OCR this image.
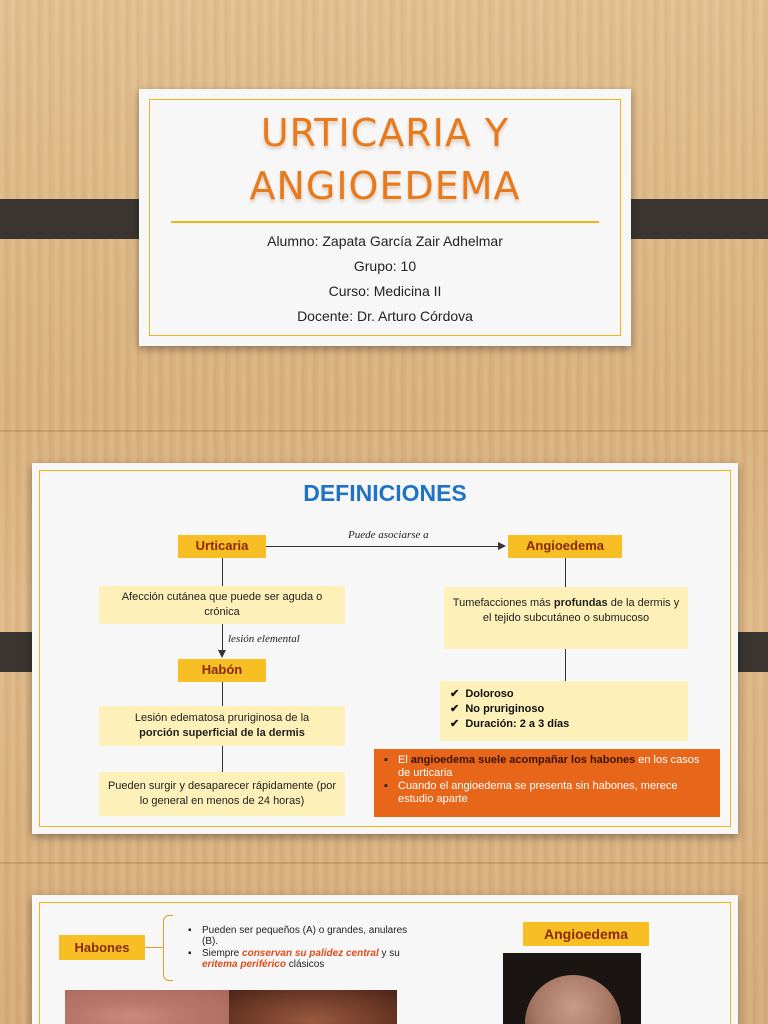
URTICARIA Y
ANGIOEDEMA
Alumno: Zapata García Zair Adhelmar
Grupo: 10
Curso: Medicina II
Docente: Dr. Arturo Córdova
DEFINICIONES
Urticaria
Puede asociarse a
Angioedema
Afección cutánea que puede ser aguda o crónica
lesión elemental
Habón
Lesión edematosa pruriginosa de la
porción superficial de la dermis
Pueden surgir y desaparecer rápidamente (por lo general en menos de 24 horas)
Tumefacciones más profundas de la dermis y el tejido subcutáneo o submucoso
✔ Doloroso
✔ No pruriginoso
✔ Duración: 2 a 3 días
▪ El angioedema suele acompañar los habones en los casos de urticaria
▪ Cuando el angioedema se presenta sin habones, merece estudio aparte
Habones
▪ Pueden ser pequeños (A) o grandes, anulares (B).
▪ Siempre conservan su palidez central y su eritema periférico clásicos
Angioedema
